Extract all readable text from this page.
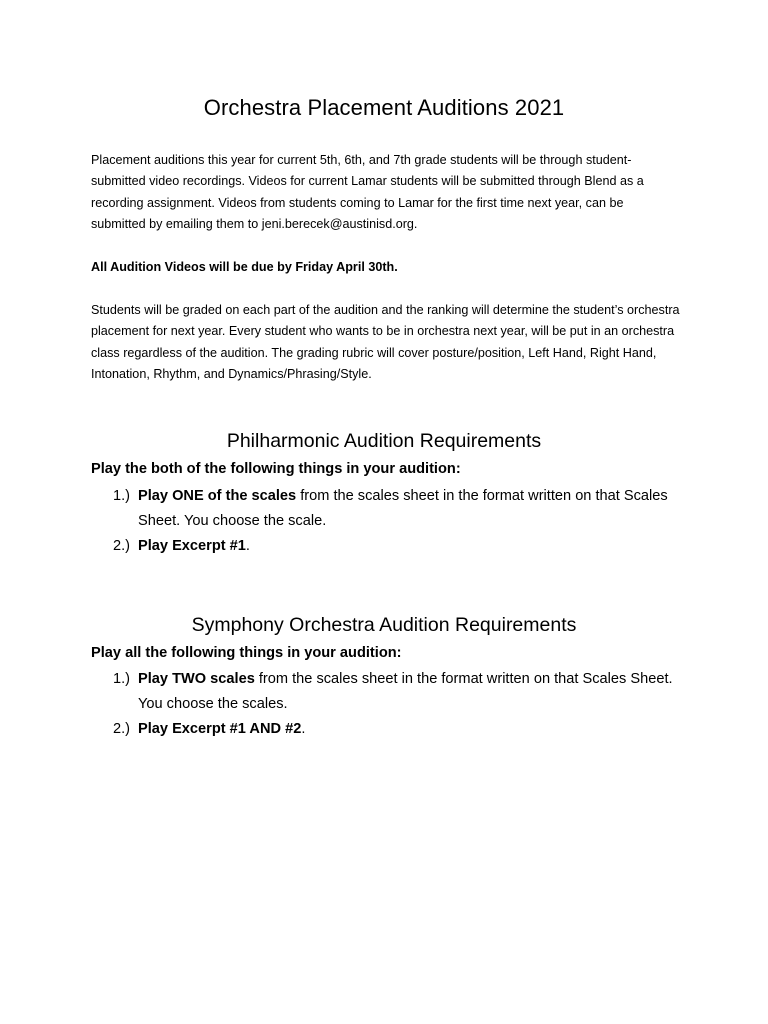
Orchestra Placement Auditions 2021
Placement auditions this year for current 5th, 6th, and 7th grade students will be through student-submitted video recordings. Videos for current Lamar students will be submitted through Blend as a recording assignment. Videos from students coming to Lamar for the first time next year, can be submitted by emailing them to jeni.berecek@austinisd.org.
All Audition Videos will be due by Friday April 30th.
Students will be graded on each part of the audition and the ranking will determine the student’s orchestra placement for next year. Every student who wants to be in orchestra next year, will be put in an orchestra class regardless of the audition. The grading rubric will cover posture/position, Left Hand, Right Hand, Intonation, Rhythm, and Dynamics/Phrasing/Style.
Philharmonic Audition Requirements
Play the both of the following things in your audition:
1.) Play ONE of the scales from the scales sheet in the format written on that Scales Sheet. You choose the scale.
2.) Play Excerpt #1.
Symphony Orchestra Audition Requirements
Play all the following things in your audition:
1.) Play TWO scales from the scales sheet in the format written on that Scales Sheet. You choose the scales.
2.) Play Excerpt #1 AND #2.
